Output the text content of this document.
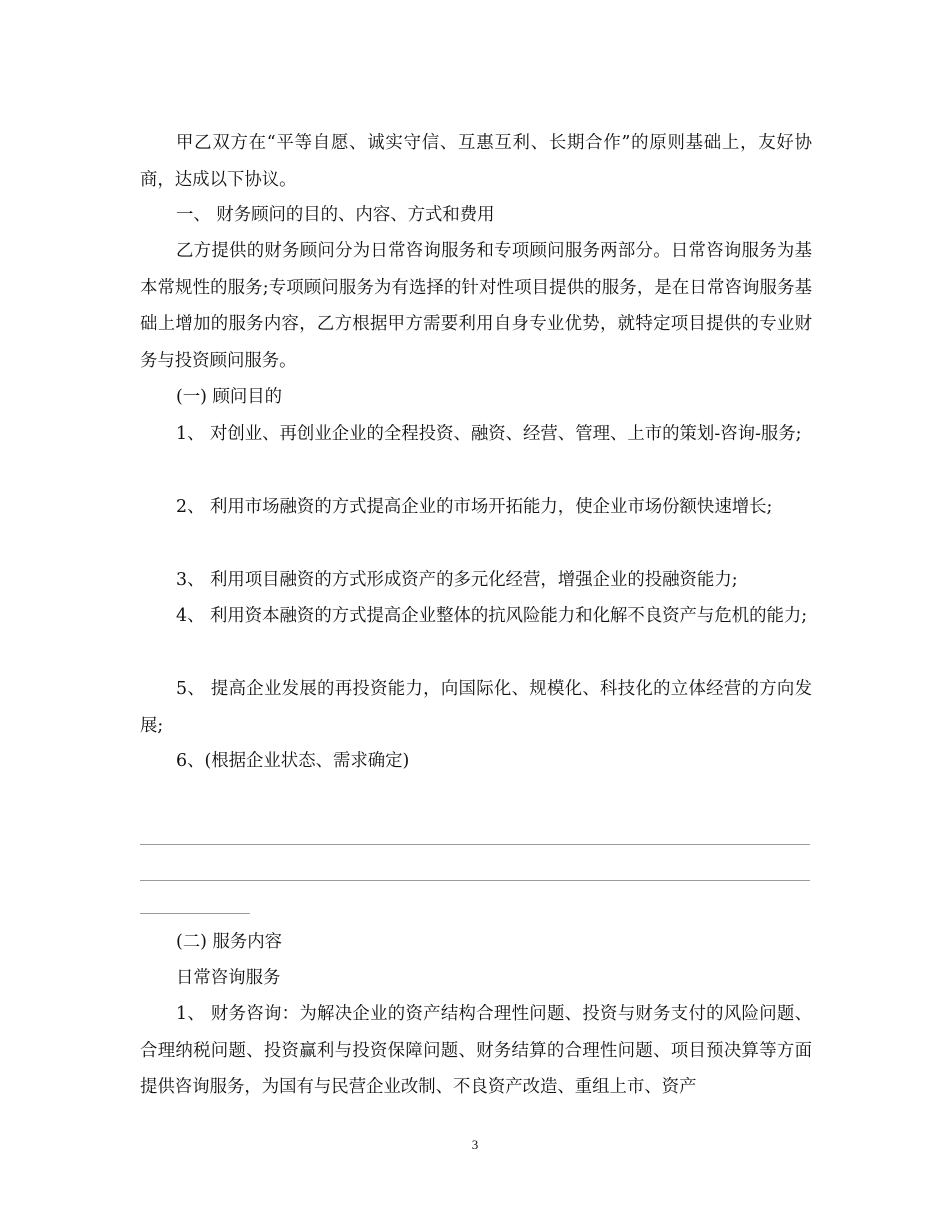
甲乙双方在“平等自愿、诚实守信、互惠互利、长期合作”的原则基础上，友好协商，达成以下协议。

一、 财务顾问的目的、内容、方式和费用

乙方提供的财务顾问分为日常咨询服务和专项顾问服务两部分。日常咨询服务为基本常规性的服务;专项顾问服务为有选择的针对性项目提供的服务，是在日常咨询服务基础上增加的服务内容，乙方根据甲方需要利用自身专业优势，就特定项目提供的专业财务与投资顾问服务。

(一) 顾问目的

1、 对创业、再创业企业的全程投资、融资、经营、管理、上市的策划-咨询-服务;

2、 利用市场融资的方式提高企业的市场开拓能力，使企业市场份额快速增长;

3、 利用项目融资的方式形成资产的多元化经营，增强企业的投融资能力;

4、 利用资本融资的方式提高企业整体的抗风险能力和化解不良资产与危机的能力;

5、 提高企业发展的再投资能力，向国际化、规模化、科技化的立体经营的方向发展;

6、(根据企业状态、需求确定)

(二) 服务内容

日常咨询服务

1、 财务咨询：为解决企业的资产结构合理性问题、投资与财务支付的风险问题、合理纳税问题、投资赢利与投资保障问题、财务结算的合理性问题、项目预决算等方面提供咨询服务，为国有与民营企业改制、不良资产改造、重组上市、资产

3
